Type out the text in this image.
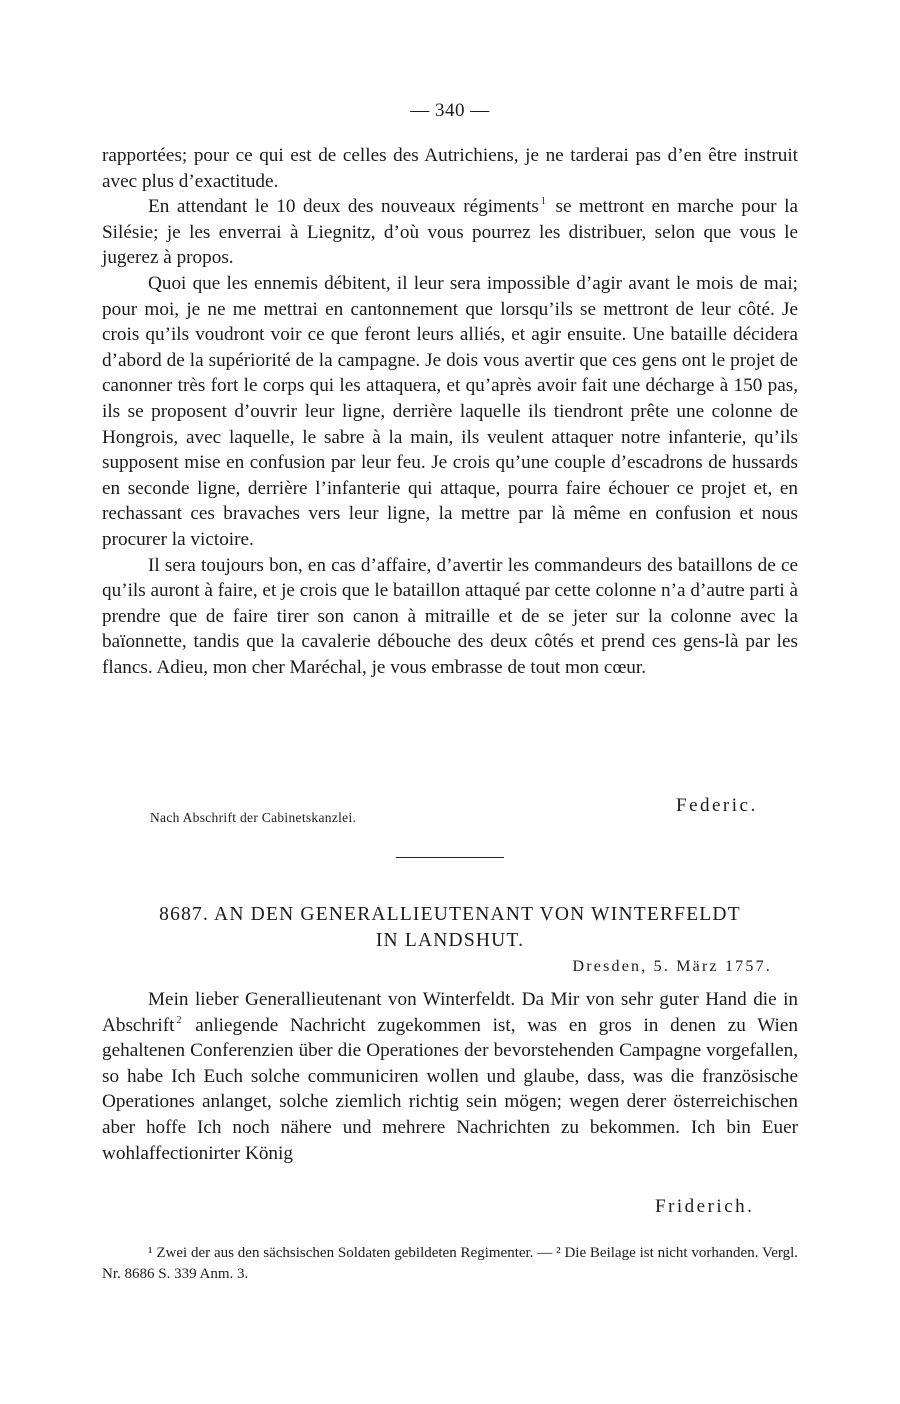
— 340 —

rapportées; pour ce qui est de celles des Autrichiens, je ne tarderai pas d’en être instruit avec plus d’exactitude.

En attendant le 10 deux des nouveaux régiments $^1$ se mettront en marche pour la Silésie; je les enverrai à Liegnitz, d’où vous pourrez les distribuer, selon que vous le jugerez à propos.

Quoi que les ennemis débitent, il leur sera impossible d’agir avant le mois de mai; pour moi, je ne me mettrai en cantonnement que lorsqu’ils se mettront de leur côté. Je crois qu’ils voudront voir ce que feront leurs alliés, et agir ensuite. Une bataille décidera d’abord de la supériorité de la campagne. Je dois vous avertir que ces gens ont le projet de canonner très fort le corps qui les attaquera, et qu’après avoir fait une décharge à 150 pas, ils se proposent d’ouvrir leur ligne, derrière laquelle ils tiendront prête une colonne de Hongrois, avec laquelle, le sabre à la main, ils veulent attaquer notre infanterie, qu’ils supposent mise en confusion par leur feu. Je crois qu’une couple d’escadrons de hussards en seconde ligne, derrière l’infanterie qui attaque, pourra faire échouer ce projet et, en rechassant ces bravaches vers leur ligne, la mettre par là même en confusion et nous procurer la victoire.

Il sera toujours bon, en cas d’affaire, d’avertir les commandeurs des bataillons de ce qu’ils auront à faire, et je crois que le bataillon attaqué par cette colonne n’a d’autre parti à prendre que de faire tirer son canon à mitraille et de se jeter sur la colonne avec la baïonnette, tandis que la cavalerie débouche des deux côtés et prend ces gens-là par les flancs. Adieu, mon cher Maréchal, je vous embrasse de tout mon cœur.

Federic.
Nach Abschrift der Cabinetskanzlei.
8687. AN DEN GENERALLIEUTENANT VON WINTERFELDT
IN LANDSHUT.
Dresden, 5. März 1757.

Mein lieber Generallieutenant von Winterfeldt. Da Mir von sehr guter Hand die in Abschrift $^2$ anliegende Nachricht zugekommen ist, was en gros in denen zu Wien gehaltenen Conferenzien über die Operationes der bevorstehenden Campagne vorgefallen, so habe Ich Euch solche communiciren wollen und glaube, dass, was die französische Operationes anlanget, solche ziemlich richtig sein mögen; wegen derer österreichischen aber hoffe Ich noch nähere und mehrere Nachrichten zu bekommen. Ich bin Euer wohlaffectionirter König

Friderich.

¹ Zwei der aus den sächsischen Soldaten gebildeten Regimenter. — ² Die Beilage ist nicht vorhanden. Vergl. Nr. 8686 S. 339 Anm. 3.
